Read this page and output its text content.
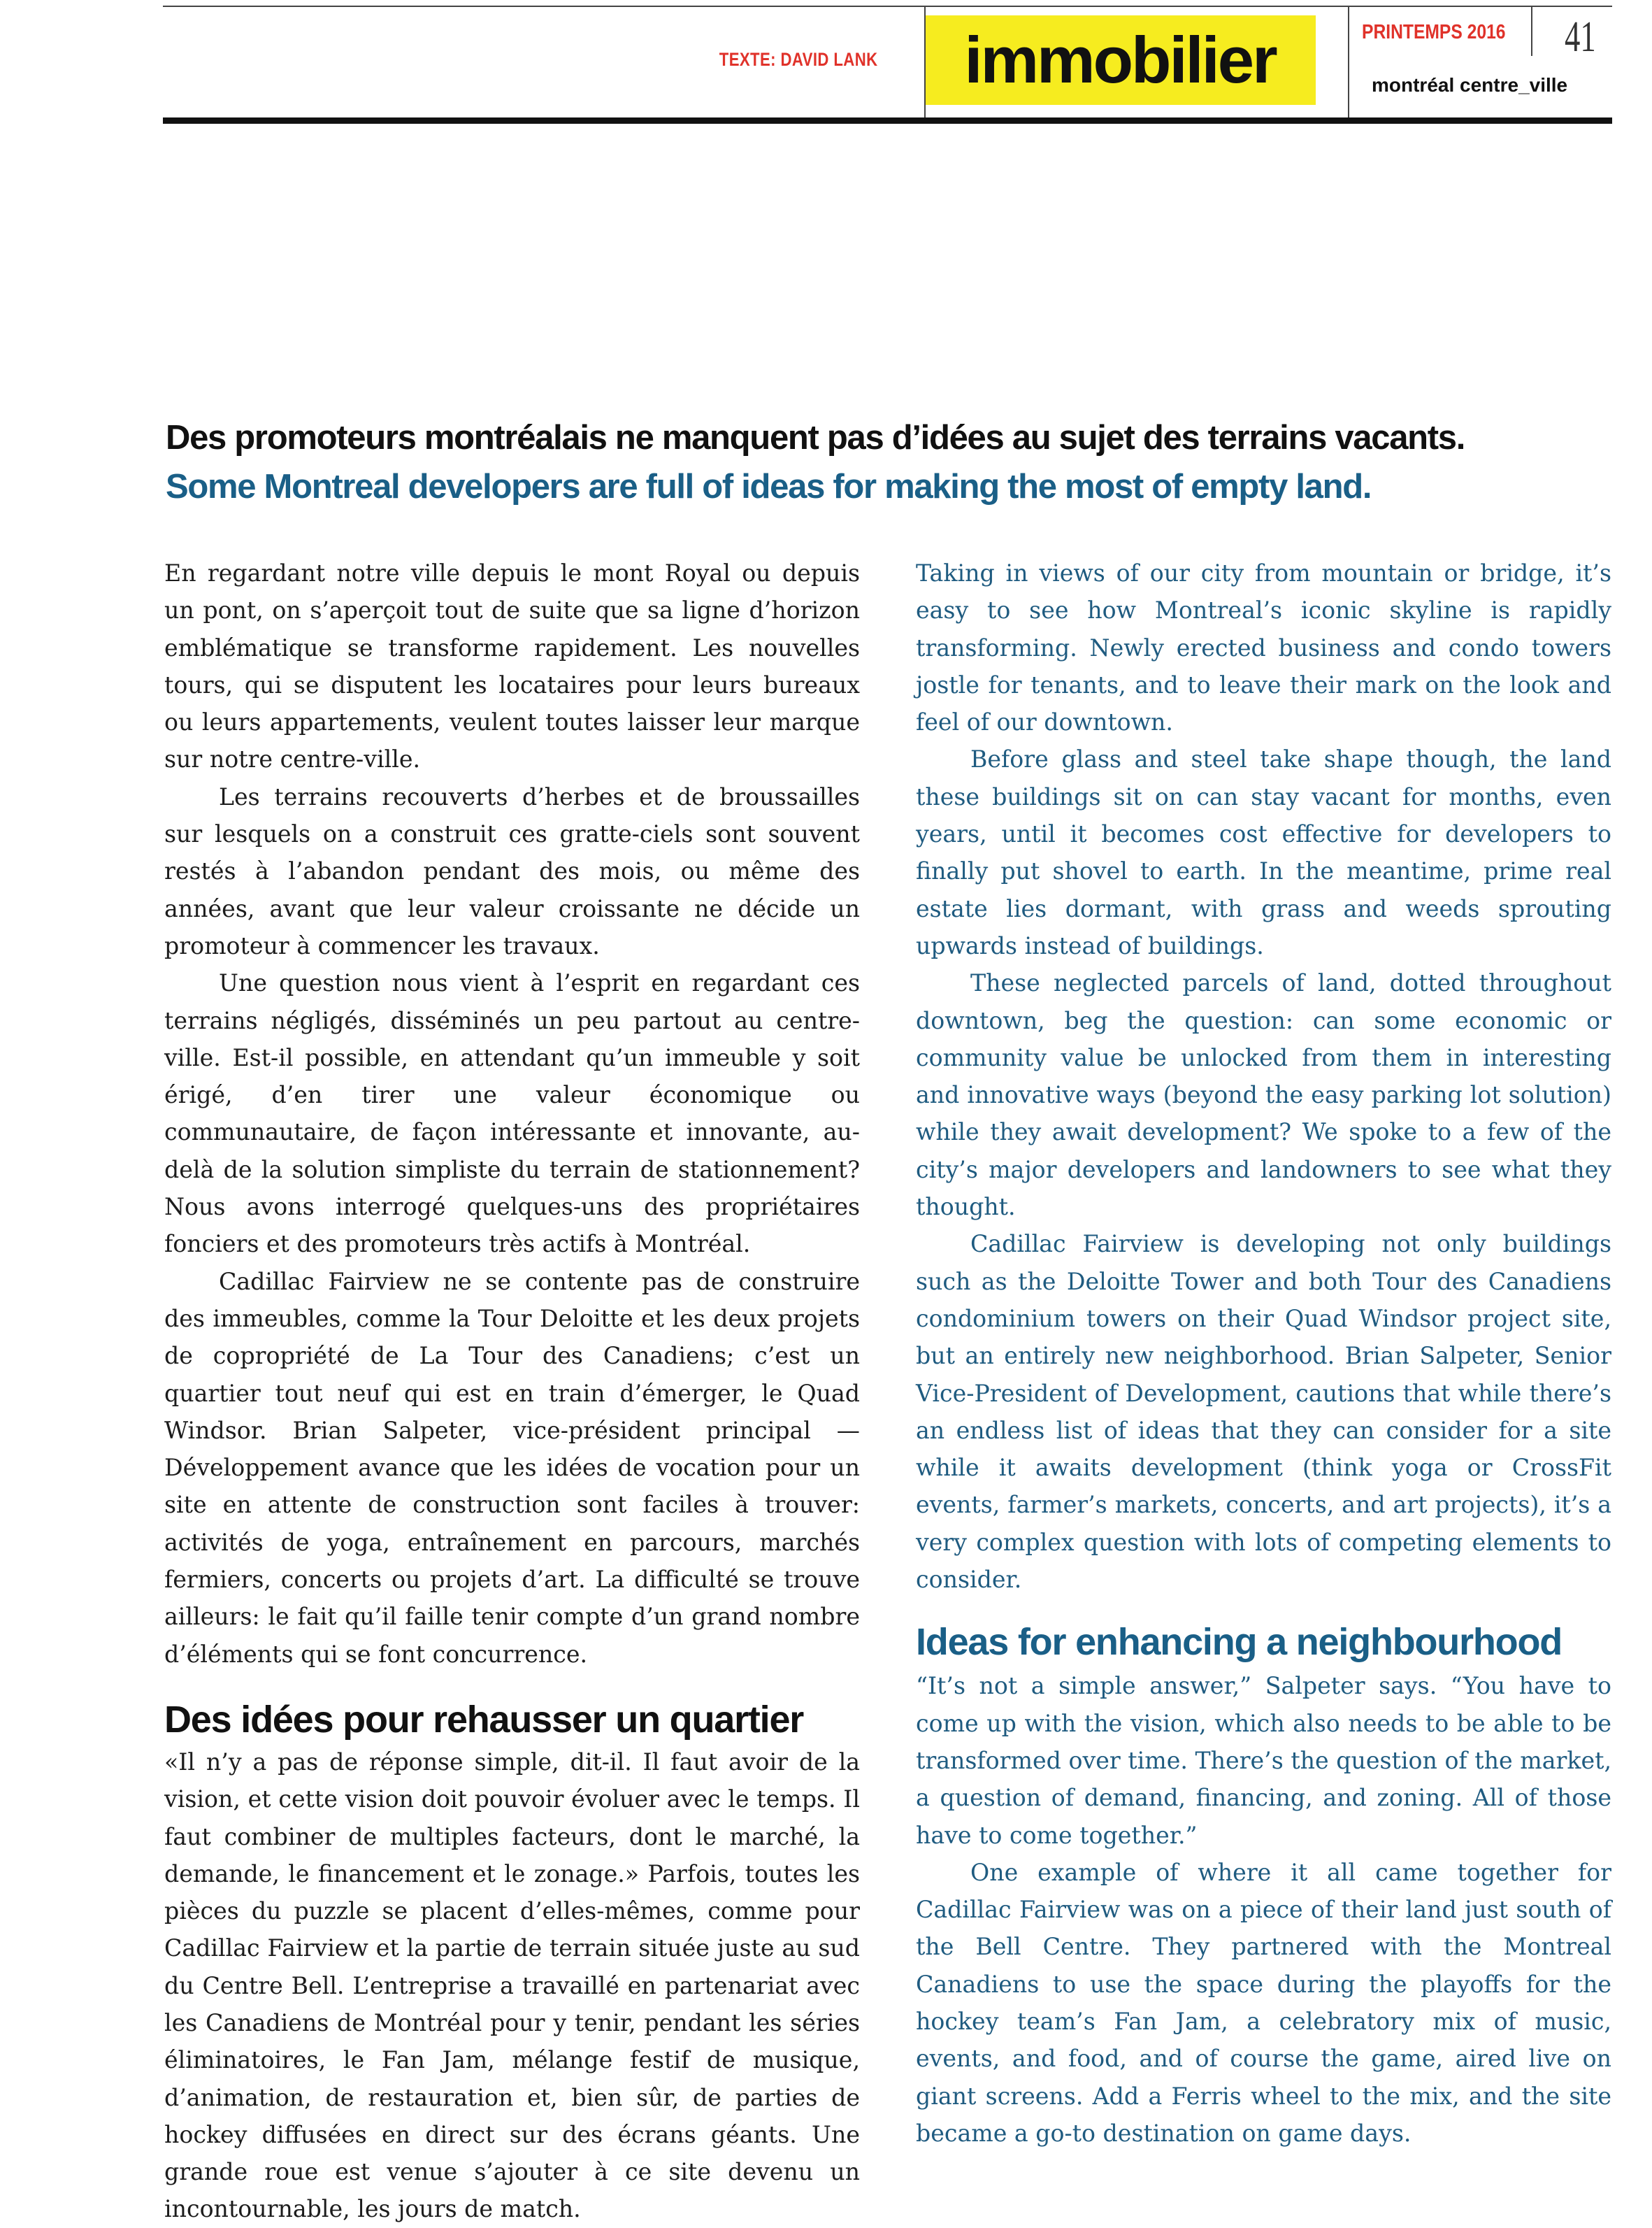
TEXTE: DAVID LANK immobilier	PRINTEMPS 2016
montréal centre_ville
41
Des promoteurs montréalais ne manquent pas d’idées au sujet des terrains vacants.
Some Montreal developers are full of ideas for making the most of empty land.

En regardant notre ville depuis le mont Royal ou depuis un pont, on s’aperçoit tout de suite que sa ligne d’horizon emblématique se transforme rapidement. Les nouvelles tours, qui se disputent les locataires pour leurs bureaux ou leurs appartements, veulent toutes laisser leur marque sur notre centre-ville.

Les terrains recouverts d’herbes et de broussailles sur lesquels on a construit ces gratte-ciels sont souvent restés à l’abandon pendant des mois, ou même des années, avant que leur valeur croissante ne décide un promoteur à commencer les travaux.

Une question nous vient à l’esprit en regardant ces terrains négligés, disséminés un peu partout au centre-ville. Est-il possible, en attendant qu’un immeuble y soit érigé, d’en tirer une valeur économique ou communautaire, de façon intéressante et innovante, au-delà de la solution simpliste du terrain de stationnement? Nous avons interrogé quelques-uns des propriétaires fonciers et des promoteurs très actifs à Montréal.

Cadillac Fairview ne se contente pas de construire des immeubles, comme la Tour Deloitte et les deux projets de copropriété de La Tour des Canadiens; c’est un quartier tout neuf qui est en train d’émerger, le Quad Windsor. Brian Salpeter, vice-président principal — Développement avance que les idées de vocation pour un site en attente de construction sont faciles à trouver: activités de yoga, entraînement en parcours, marchés fermiers, concerts ou projets d’art. La difficulté se trouve ailleurs: le fait qu’il faille tenir compte d’un grand nombre d’éléments qui se font concurrence.

Des idées pour rehausser un quartier

«Il n’y a pas de réponse simple, dit-il. Il faut avoir de la vision, et cette vision doit pouvoir évoluer avec le temps. Il faut combiner de multiples facteurs, dont le marché, la demande, le financement et le zonage.» Parfois, toutes les pièces du puzzle se placent d’elles-mêmes, comme pour Cadillac Fairview et la partie de terrain située juste au sud du Centre Bell. L’entreprise a travaillé en partenariat avec les Canadiens de Montréal pour y tenir, pendant les séries éliminatoires, le Fan Jam, mélange festif de musique, d’animation, de restauration et, bien sûr, de parties de hockey diffusées en direct sur des écrans géants. Une grande roue est venue s’ajouter à ce site devenu un incontournable, les jours de match.

Taking in views of our city from mountain or bridge, it’s easy to see how Montreal’s iconic skyline is rapidly transforming. Newly erected business and condo towers jostle for tenants, and to leave their mark on the look and feel of our downtown.

Before glass and steel take shape though, the land these buildings sit on can stay vacant for months, even years, until it becomes cost effective for developers to finally put shovel to earth. In the meantime, prime real estate lies dormant, with grass and weeds sprouting upwards instead of buildings.

These neglected parcels of land, dotted throughout downtown, beg the question: can some economic or community value be unlocked from them in interesting and innovative ways (beyond the easy parking lot solution) while they await development? We spoke to a few of the city’s major developers and landowners to see what they thought.

Cadillac Fairview is developing not only buildings such as the Deloitte Tower and both Tour des Canadiens condominium towers on their Quad Windsor project site, but an entirely new neighborhood. Brian Salpeter, Senior Vice-President of Development, cautions that while there’s an endless list of ideas that they can consider for a site while it awaits development (think yoga or CrossFit events, farmer’s markets, concerts, and art projects), it’s a very complex question with lots of competing elements to consider.

Ideas for enhancing a neighbourhood

“It’s not a simple answer,” Salpeter says. “You have to come up with the vision, which also needs to be able to be transformed over time. There’s the question of the market, a question of demand, financing, and zoning. All of those have to come together.”

One example of where it all came together for Cadillac Fairview was on a piece of their land just south of the Bell Centre. They partnered with the Montreal Canadiens to use the space during the playoffs for the hockey team’s Fan Jam, a celebratory mix of music, events, and food, and of course the game, aired live on giant screens. Add a Ferris wheel to the mix, and the site became a go-to destination on game days.
